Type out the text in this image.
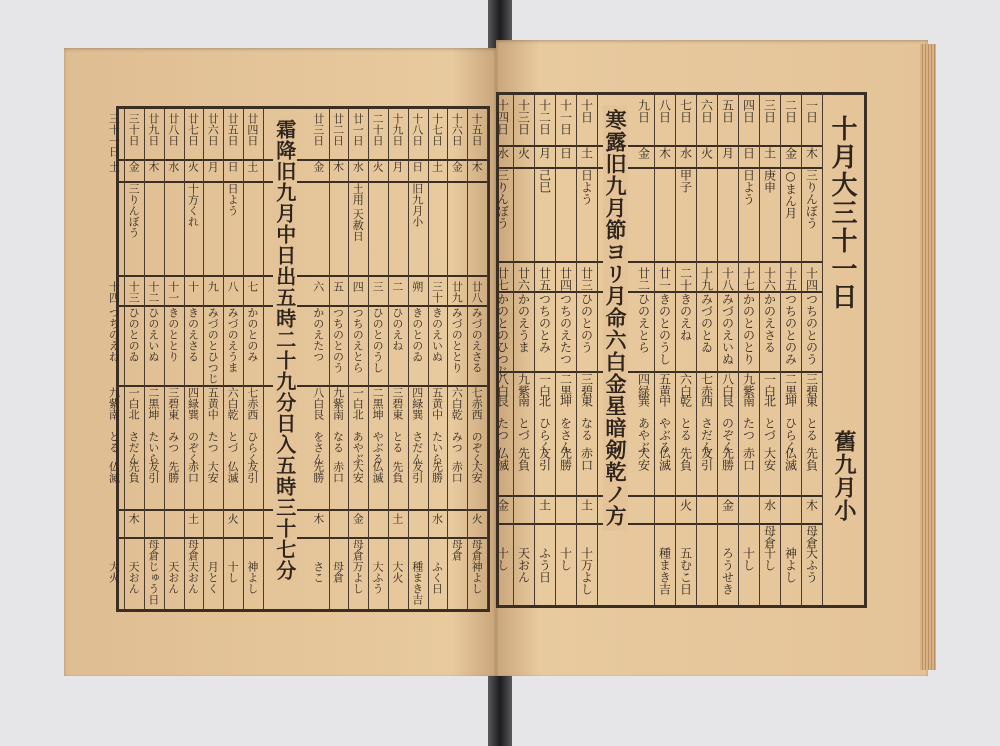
十五日
木
廿八
みづのえさる
七赤
西
のぞく
大安
火
母倉
神よし
十六日
金
廿九
みづのととり
六白
乾
みつ
赤口
母倉
十七日
土
三十
きのえいぬ
五黄
中
たいら
先勝
水
ふく日
十八日
日
旧九月小
朔
きのとのゐ
四緑
巽
さだん
友引
種まき吉
十九日
月
二
ひのえね
三碧
東
とる
先負
土
大火
二十日
火
三
ひのとのうし
二黒
坤
やぶる
仏滅
大ふう
廿一日
水
土用 天赦日
四
つちのえとら
一白
北
あやぶ
大安
金
母倉
万よし
廿二日
木
五
つちのとのう
九紫
南
なる
赤口
母倉
廿三日
金
六
かのえたつ
八白
艮
をさん
先勝
木
さこ
廿四日
土
七
かのとのみ
七赤
西
ひらく
友引
神よし
廿五日
日
日よう
八
みづのえうま
六白
乾
とづ
仏滅
火
十し
廿六日
月
九
みづのとひつじ
五黄
中
たつ
大安
月とく
廿七日
火
十方くれ
十
きのえさる
四緑
巽
のぞく
赤口
土
母倉
天おん
廿八日
水
十一
きのととり
三碧
東
みつ
先勝
天おん
廿九日
木
十二
ひのえいぬ
二黒
坤
たいら
友引
母倉
じゅう日
三十日
金
三りんぼう
十三
ひのとのゐ
一白
北
さだん
先負
木
天おん
三十一日
土
十四
つちのえね
九紫
南
とる
仏滅
大火	霜降旧九月中日出五時二十九分日入五時三十七分	十月大三十一日
舊九月小
一日
木
三りんぼう
十四
つちのとのう
三碧
東
とる
先負
木
母倉
大ふう
二日
金
○まん月
十五
つちのとのみ
二黒
坤
ひらく
仏滅
神よし
三日
土
庚申
十六
かのえさる
一白
北
とづ
大安
水
母倉
十し
四日
日
日よう
十七
かのとのとり
九紫
南
たつ
赤口
十し
五日
月
十八
みづのえいぬ
八白
艮
のぞく
先勝
金
ろうせき
六日
火
十九
みづのとゐ
七赤
西
さだん
友引
七日
水
甲子
二十
きのえね
六白
乾
とる
先負
火
五むこ日
八日
木
廿一
きのとのうし
五黄
中
やぶる
仏滅
種まき吉
九日
金
廿二
ひのえとら
四緑
巽
あやぶ
大安
十日
土
日よう
廿三
ひのとのう
三碧
東
なる
赤口
土
十万よし
十一日
日
廿四
つちのえたつ
二黒
坤
をさん
先勝
十し
十二日
月
己巳
廿五
つちのとみ
一白
北
ひらく
友引
土
ふう日
十三日
火
廿六
かのえうま
九紫
南
とづ
先負
天おん
十四日
水
三りんぼう
廿七
かのとのひつじ
八白
艮
たつ
仏滅
金
十し
寒露旧九月節ヨリ月命六白金星暗剱乾ノ方
